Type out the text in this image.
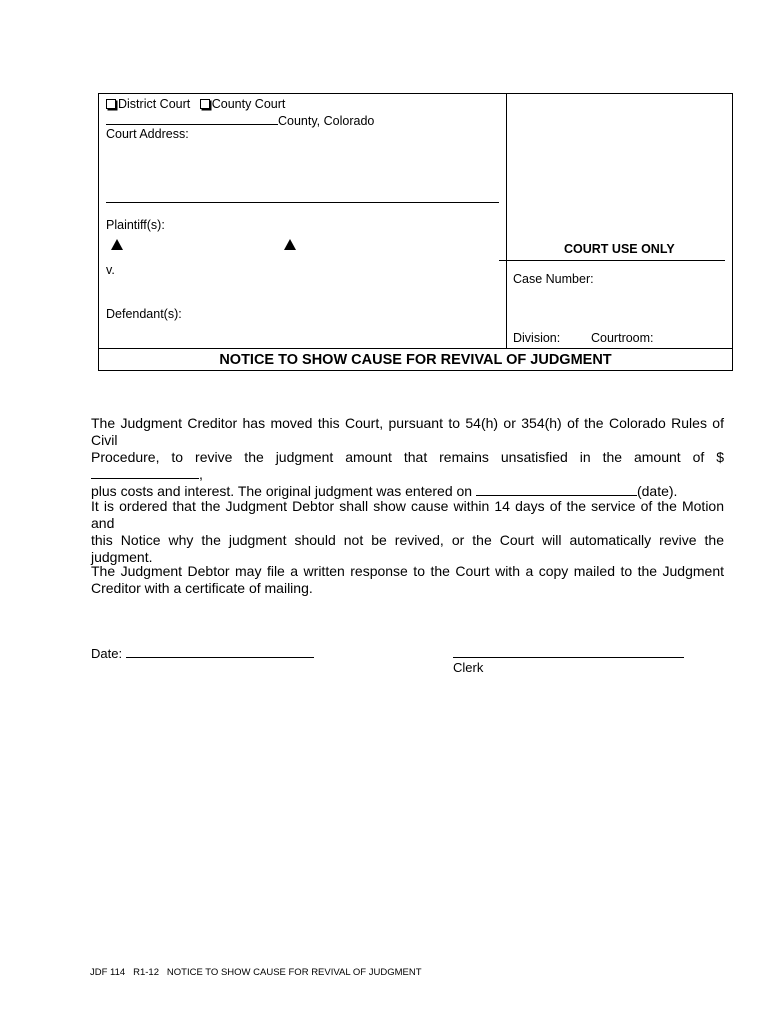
District Court County Court
County, Colorado
Court Address:
Plaintiff(s):
v.
Defendant(s):
COURT USE ONLY
Case Number:
Division: Courtroom:
NOTICE TO SHOW CAUSE FOR REVIVAL OF JUDGMENT
The Judgment Creditor has moved this Court, pursuant to 54(h) or 354(h) of the Colorado Rules of Civil
Procedure, to revive the judgment amount that remains unsatisfied in the amount of $,
plus costs and interest. The original judgment was entered on	(date).
It is ordered that the Judgment Debtor shall show cause within 14 days of the service of the Motion and
this Notice why the judgment should not be revived, or the Court will automatically revive the judgment.
The Judgment Debtor may file a written response to the Court with a copy mailed to the Judgment
Creditor with a certificate of mailing.
Date:
Clerk
JDF 114 R1-12 NOTICE TO SHOW CAUSE FOR REVIVAL OF JUDGMENT
